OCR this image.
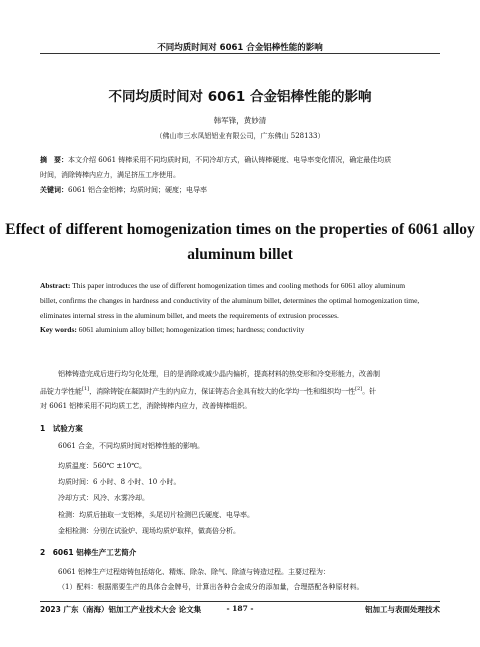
不同均质时间对 6061 合金铝棒性能的影响
不同均质时间对 6061 合金铝棒性能的影响
韩军锋，黄妙清
（佛山市三水凤铝铝业有限公司，广东佛山 528133）
摘　要：本文介绍 6061 铸棒采用不同均质时间，不同冷却方式，确认铸棒硬度、电导率变化情况，确定最佳均质
时间，消除铸棒内应力，满足挤压工序使用。
关键词：6061 铝合金铝棒；均质时间；硬度；电导率
Effect of different homogenization times on the properties of 6061 alloy
aluminum billet
Abstract: This paper introduces the use of different homogenization times and cooling methods for 6061 alloy aluminum
billet, confirms the changes in hardness and conductivity of the aluminum billet, determines the optimal homogenization time,
eliminates internal stress in the aluminum billet, and meets the requirements of extrusion processes.
Key words: 6061 aluminium alloy billet; homogenization times; hardness; conductivity
铝棒铸造完成后进行均匀化处理，目的是消除或减少晶内偏析，提高材料的热变形和冷变形能力，改善制
品锭力学性能[1]，消除铸锭在凝固时产生的内应力，保证铸态合金具有较大的化学均一性和组织均一性[2]。针
对 6061 铝棒采用不同均质工艺，消除铸棒内应力，改善铸棒组织。
1　试验方案
6061 合金，不同均质时间对铝棒性能的影响。
均质温度：560℃ ±10℃。
均质时间：6 小时、8 小时、10 小时。
冷却方式：风冷、水雾冷却。
检测：均质后抽取一支铝棒，头尾切片检测巴氏硬度、电导率。
金相检测：分别在试验炉、现场均质炉取样，做高倍分析。
2　6061 铝棒生产工艺简介
6061 铝棒生产过程熔铸包括熔化、精炼、除杂、除气、除渣与铸造过程。主要过程为：
（1）配料：根据需要生产的具体合金牌号，计算出各种合金成分的添加量，合理搭配各种原材料。
2023 广东（南海）铝加工产业技术大会 论文集	- 187 -	铝加工与表面处理技术
